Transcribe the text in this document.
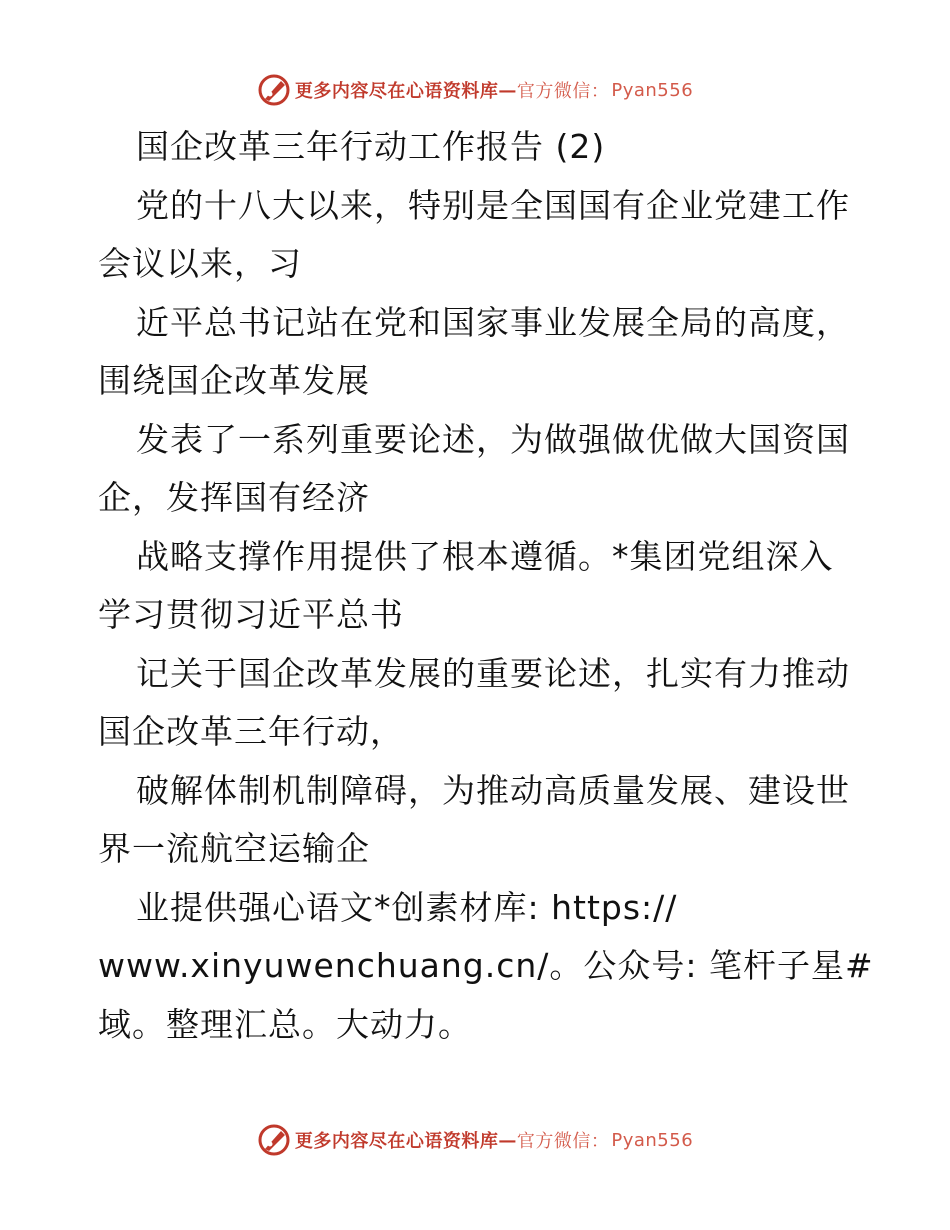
更多内容尽在心语资料库 — 官方微信： Pyan556
国企改革三年行动工作报告 (2)
党的十八大以来，特别是全国国有企业党建工作
会议以来，习
近平总书记站在党和国家事业发展全局的高度，
围绕国企改革发展
发表了一系列重要论述，为做强做优做大国资国
企，发挥国有经济
战略支撑作用提供了根本遵循。*集团党组深入
学习贯彻习近平总书
记关于国企改革发展的重要论述，扎实有力推动
国企改革三年行动，
破解体制机制障碍，为推动高质量发展、建设世
界一流航空运输企
业提供强心语文*创素材库: https://
www.xinyuwenchuang.cn/。公众号: 笔杆子星#
域。整理汇总。大动力。
更多内容尽在心语资料库 — 官方微信： Pyan556
